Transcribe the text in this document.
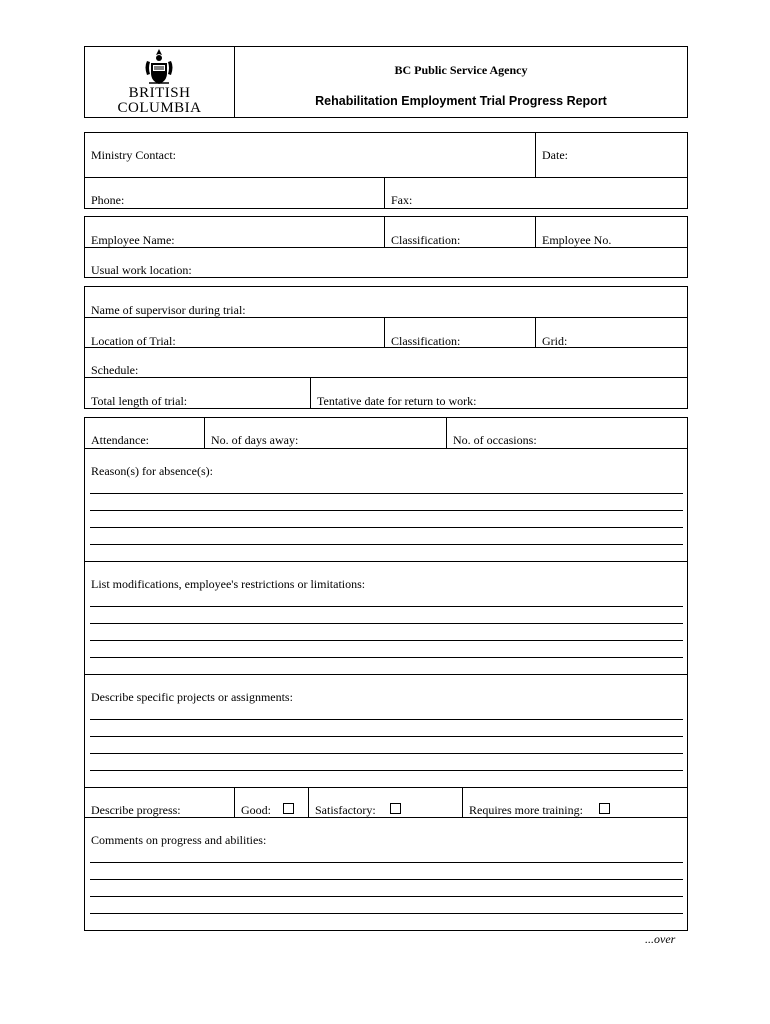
BRITISH
COLUMBIA
BC Public Service Agency
Rehabilitation Employment Trial Progress Report
Ministry Contact:	Date:
Phone:	Fax:
Employee Name:	Classification:	Employee No.
Usual work location:
Name of supervisor during trial:
Location of Trial:	Classification:	Grid:
Schedule:
Total length of trial:	Tentative date for return to work:
Attendance:	No. of days away:	No. of occasions:
Reason(s) for absence(s):
List modifications, employee's restrictions or limitations:
Describe specific projects or assignments:
Describe progress:	Good:	Satisfactory:	Requires more training:
Comments on progress and abilities:
...over
